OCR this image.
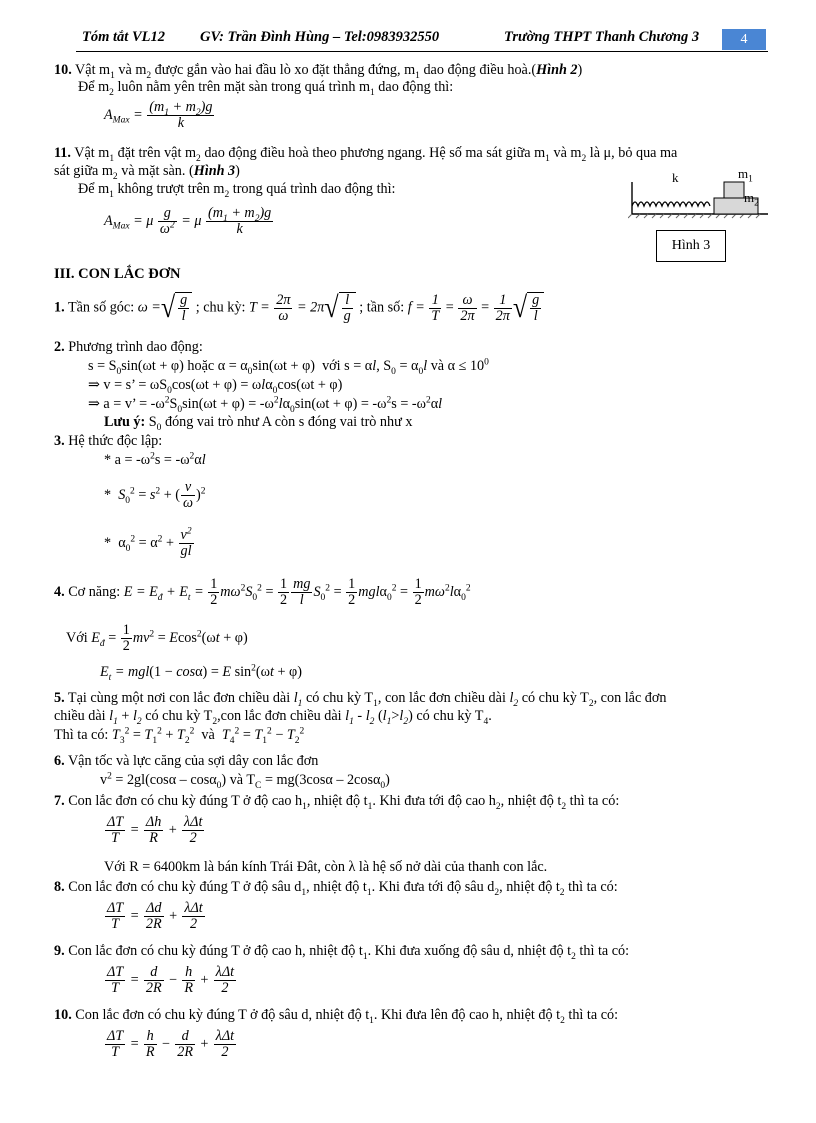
Tóm tắt VL12 GV: Trần Đình Hùng – Tel:0983932550	Trường THPT Thanh Chương 3	4
10. Vật $m_1$ và $m_2$ được gắn vào hai đầu lò xo đặt thẳng đứng, $m_1$ dao động điều hoà.(Hình 2)
Để $m_2$ luôn nằm yên trên mặt sàn trong quá trình $m_1$ dao động thì:
$A_{Max} = \frac{(m_1 + m_2)g}{k}$
11. Vật $m_1$ đặt trên vật $m_2$ dao động điều hoà theo phương ngang. Hệ số ma sát giữa $m_1$ và $m_2$ là μ, bỏ qua ma
sát giữa $m_2$ và mặt sàn. (Hình 3)
Để $m_1$ không trượt trên $m_2$ trong quá trình dao động thì:
$A_{Max} = \mu \frac{g}{\omega^2} = \mu \frac{(m_1 + m_2)g}{k}$
k	$m_1$
$m_2$
Hình 3
III. CON LẮC ĐƠN
1. Tần số góc: ω =√ $\frac{g}{l}$ ; chu kỳ: $T = \frac{2\pi}{\omega} = 2\pi√ \frac{l}{g}$ ; tần số: $f = \frac{1}{T} = \frac{\omega}{2\pi} = \frac{1}{2\pi}$ √ $\frac{g}{l}$
2. Phương trình dao động:
$s = S_0\sin(\omega t + \varphi)$ hoặc $\alpha = \alpha_0\sin(\omega t + \varphi)$  với s = αl, $S_0 = \alpha_0l$ và $\alpha \le 10^0$
⇒ v = s’ = $\omega S_0\cos(\omega t + \varphi) = \omega l\alpha_0\cos(\omega t + \varphi)$
⇒ a = v’ = $-\omega^2S_0\sin(\omega t + \varphi) = -\omega^2l\alpha_0\sin(\omega t + \varphi) = -\omega^2s = -\omega^2\alpha l$
Lưu ý: $S_0$ đóng vai trò như A còn s đóng vai trò như x
3. Hệ thức độc lập:
* $a = -\omega^2s = -\omega^2\alpha l$
*  $S_0^2 = s^2$ + ( $\frac{v}{\omega} )^2$
*  $\alpha_0^2 = \alpha^2 + \frac{v^2}{gl}$
4. Cơ năng: $E = E_đ + E_t = \frac{1}{2} m\omega^2S_0^2 = \frac{1}{2} \frac{mg}{l} S_0^2 = \frac{1}{2} mgl\alpha_0^2 = \frac{1}{2} m\omega^2l\alpha_0^2$
Với $E_đ = \frac{1}{2} mv^2 = Ecos^2(\omega t + \varphi)$
$E_t = mgl(1 - \cos\alpha) = E$ $\sin^2(\omega t + \varphi)$
5. Tại cùng một nơi con lắc đơn chiều dài $l_1$ có chu kỳ $T_1$, con lắc đơn chiều dài $l_2$ có chu kỳ $T_2$, con lắc đơn
chiều dài $l_1 + l_2$ có chu kỳ $T_2,con$ lắc đơn chiều dài $l_1 - l_2$ $(l_1>l_2)$ có chu kỳ $T_4$.
Thì ta có: $T_3^2 = T_1^2 + T_2^2$  và  $T_4^2 = T_1^2 - T_2^2$
6. Vận tốc và lực căng của sợi dây con lắc đơn
$v^2 = 2gl(\cos\alpha - \cos\alpha_0)$ và $T_C = mg(3\cos\alpha - 2\cos\alpha_0)$
7. Con lắc đơn có chu kỳ đúng T ở độ cao $h_1$, nhiệt độ $t_1$. Khi đưa tới độ cao $h_2$, nhiệt độ $t_2$ thì ta có:
$\frac{\Delta T}{T} = \frac{\Delta h}{R} + \lambda\Delta t$
2
Với R = 6400km là bán kính Trái Đât, còn λ là hệ số nở dài của thanh con lắc.
8. Con lắc đơn có chu kỳ đúng T ở độ sâu $d_1$, nhiệt độ $t_1$. Khi đưa tới độ sâu $d_2$, nhiệt độ $t_2$ thì ta có:
$\frac{\Delta T}{T} = \frac{\Delta d}{2R} + \lambda\Delta t$
2
9. Con lắc đơn có chu kỳ đúng T ở độ cao h, nhiệt độ $t_1$. Khi đưa xuống độ sâu d, nhiệt độ $t_2$ thì ta có:
$\frac{\Delta T}{T} = \frac{d}{2R} - \frac{h}{R} + \lambda\Delta t$
2
10. Con lắc đơn có chu kỳ đúng T ở độ sâu d, nhiệt độ $t_1$. Khi đưa lên độ cao h, nhiệt độ $t_2$ thì ta có:
$\frac{\Delta T}{T} = \frac{h}{R} - \frac{d}{2R} + \lambda\Delta t$
2
